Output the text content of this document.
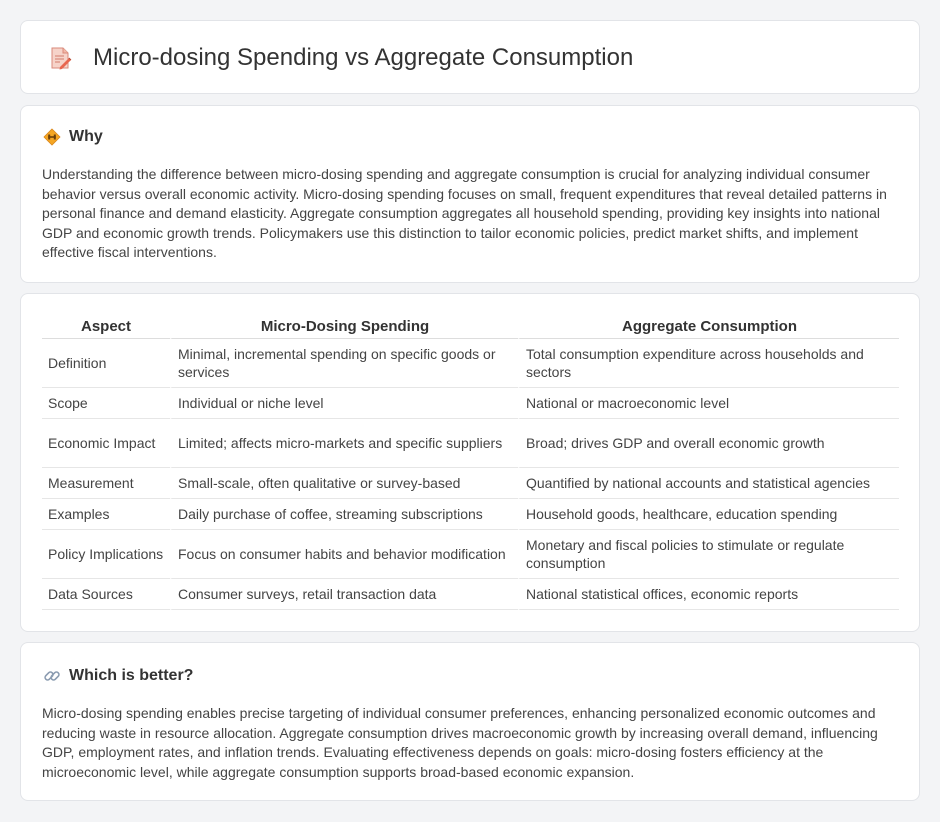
Micro-dosing Spending vs Aggregate Consumption
Why

Understanding the difference between micro-dosing spending and aggregate consumption is crucial for analyzing individual consumer behavior versus overall economic activity. Micro-dosing spending focuses on small, frequent expenditures that reveal detailed patterns in personal finance and demand elasticity. Aggregate consumption aggregates all household spending, providing key insights into national GDP and economic growth trends. Policymakers use this distinction to tailor economic policies, predict market shifts, and implement effective fiscal interventions.

Aspect	Micro-Dosing Spending	Aggregate Consumption
Definition	Minimal, incremental spending on specific goods or services	Total consumption expenditure across households and sectors
Scope	Individual or niche level	National or macroeconomic level
Economic Impact	Limited; affects micro-markets and specific suppliers	Broad; drives GDP and overall economic growth
Measurement	Small-scale, often qualitative or survey-based	Quantified by national accounts and statistical agencies
Examples	Daily purchase of coffee, streaming subscriptions	Household goods, healthcare, education spending
Policy Implications	Focus on consumer habits and behavior modification	Monetary and fiscal policies to stimulate or regulate consumption
Data Sources	Consumer surveys, retail transaction data	National statistical offices, economic reports
Which is better?

Micro-dosing spending enables precise targeting of individual consumer preferences, enhancing personalized economic outcomes and reducing waste in resource allocation. Aggregate consumption drives macroeconomic growth by increasing overall demand, influencing GDP, employment rates, and inflation trends. Evaluating effectiveness depends on goals: micro-dosing fosters efficiency at the microeconomic level, while aggregate consumption supports broad-based economic expansion.
